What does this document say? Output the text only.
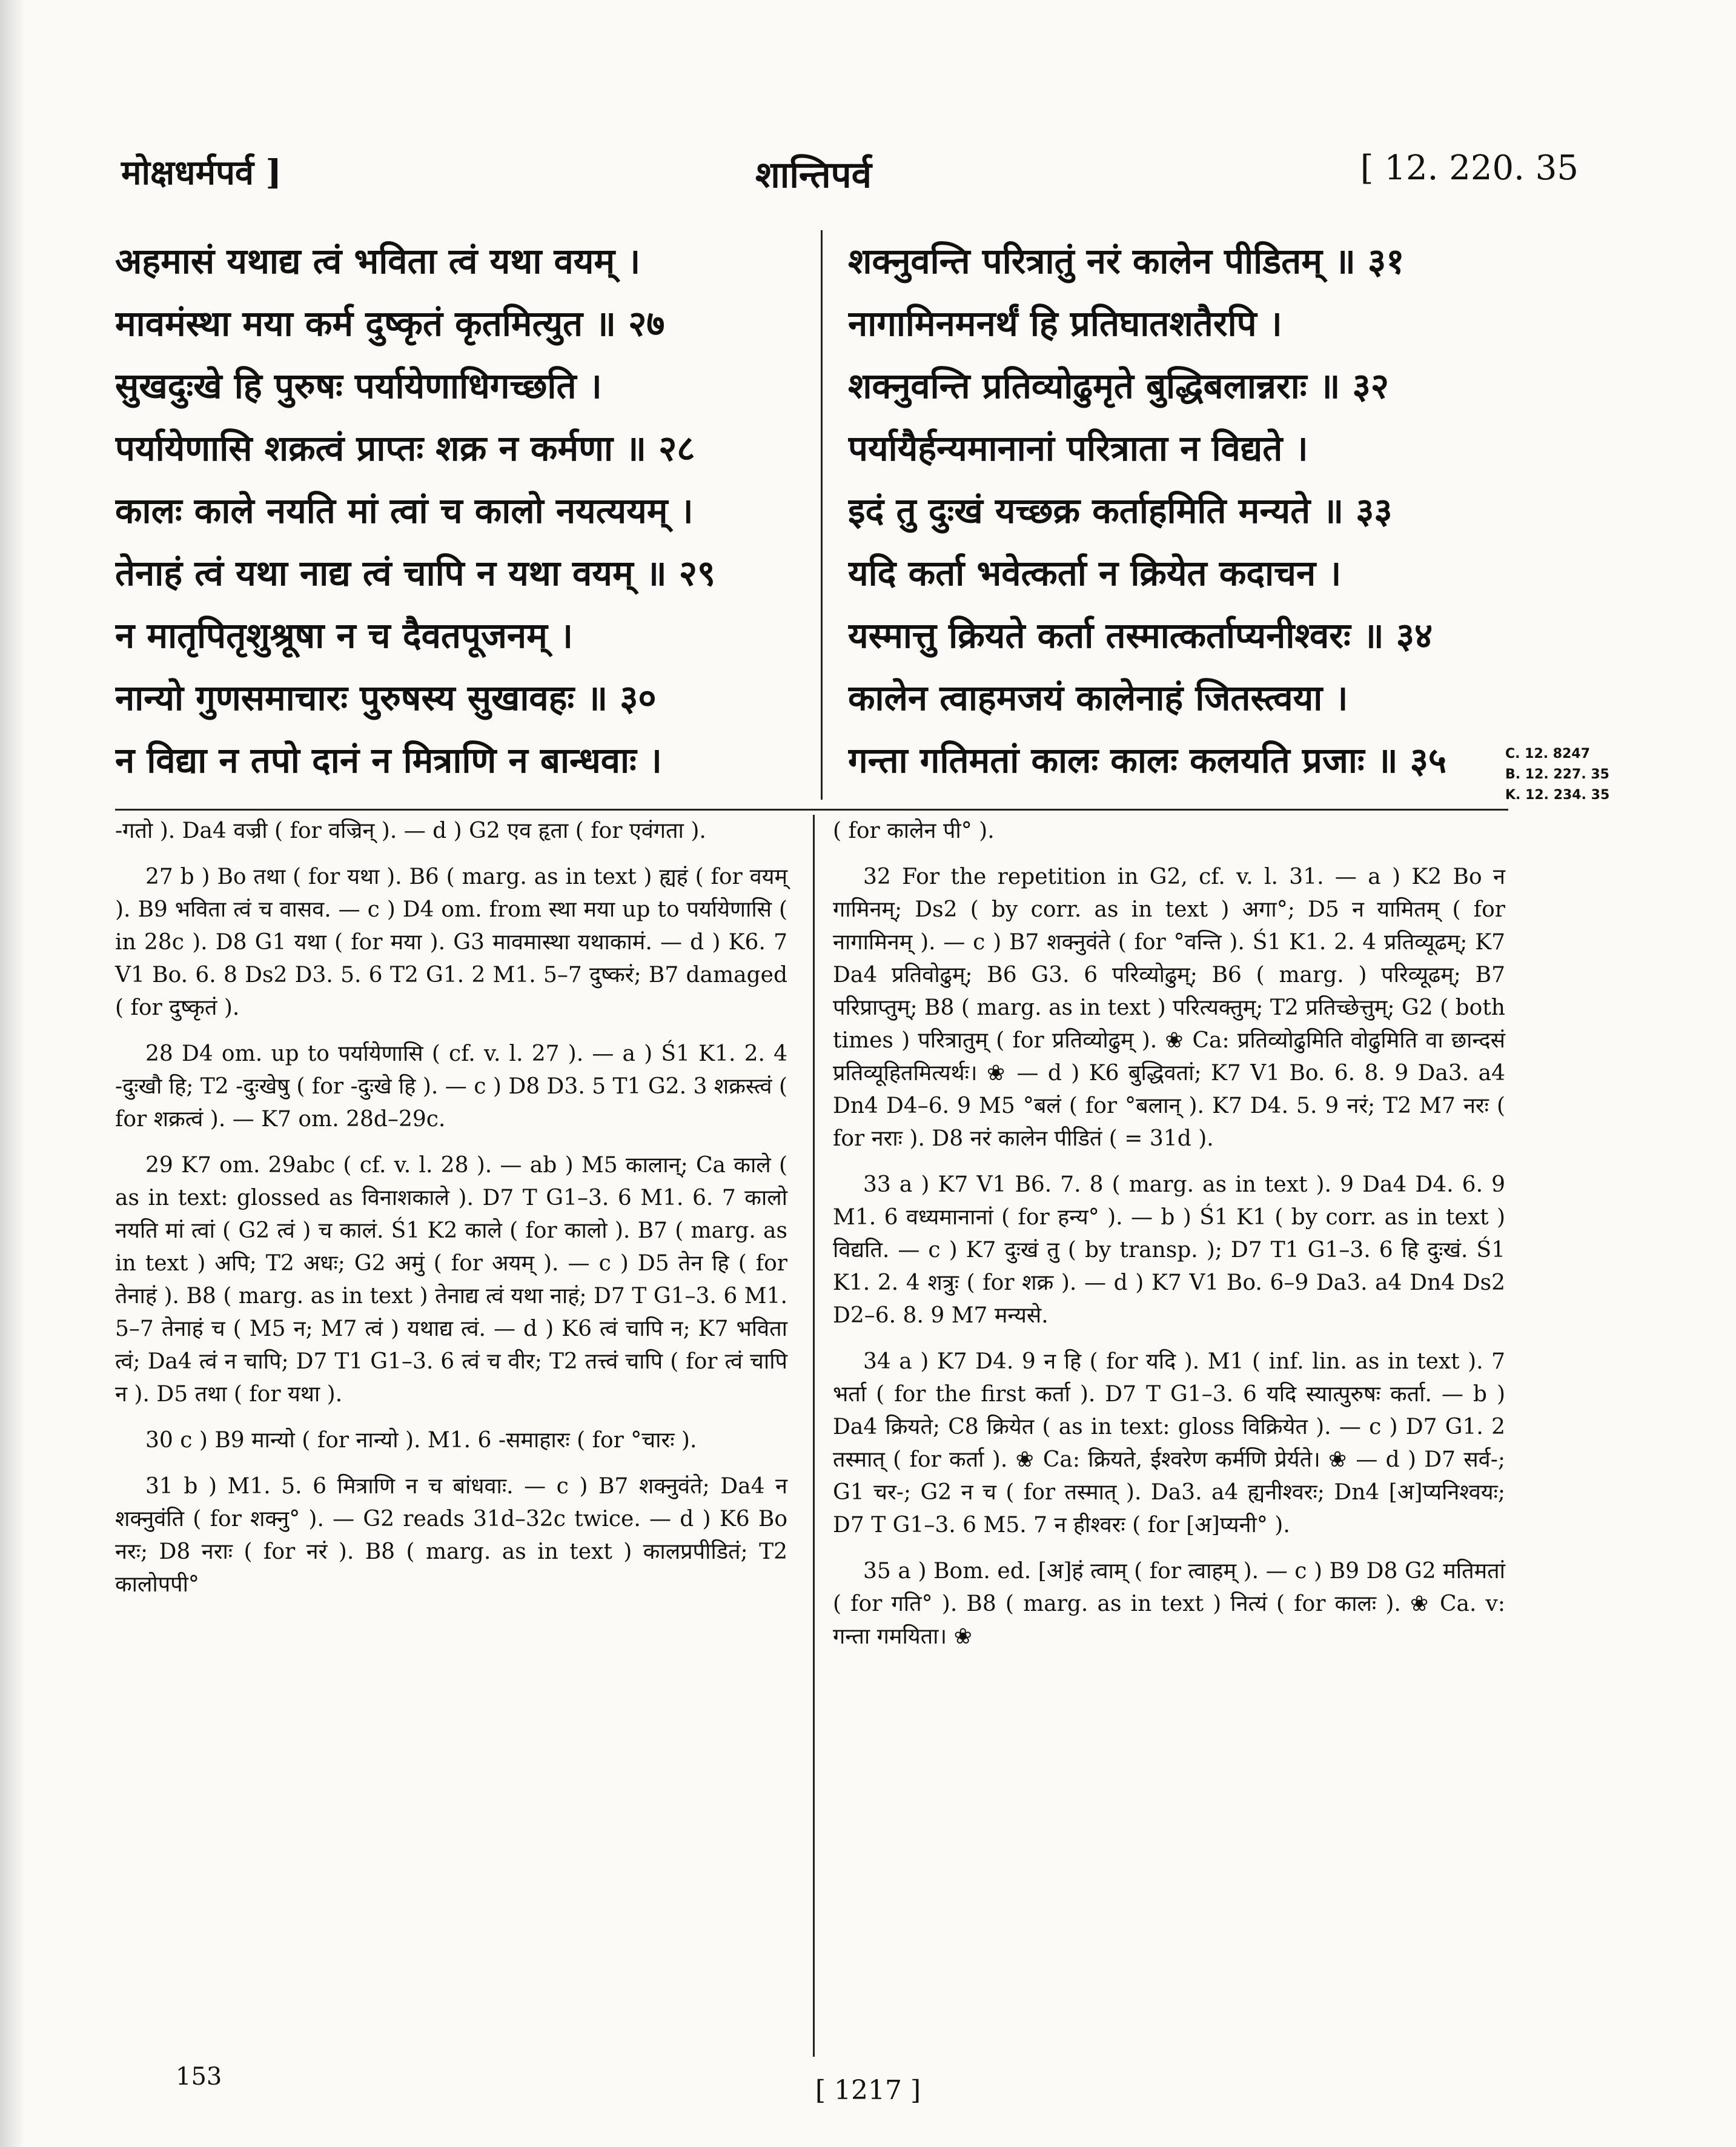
मोक्षधर्मपर्व ]	शान्तिपर्व	[ 12. 220. 35
अहमासं यथाद्य त्वं भविता त्वं यथा वयम् ।
मावमंस्था मया कर्म दुष्कृतं कृतमित्युत ॥ २७
सुखदुःखे हि पुरुषः पर्यायेणाधिगच्छति ।
पर्यायेणासि शक्रत्वं प्राप्तः शक्र न कर्मणा ॥ २८
कालः काले नयति मां त्वां च कालो नयत्ययम् ।
तेनाहं त्वं यथा नाद्य त्वं चापि न यथा वयम् ॥ २९
न मातृपितृशुश्रूषा न च दैवतपूजनम् ।
नान्यो गुणसमाचारः पुरुषस्य सुखावहः ॥ ३०
न विद्या न तपो दानं न मित्राणि न बान्धवाः ।
शक्नुवन्ति परित्रातुं नरं कालेन पीडितम् ॥ ३१
नागामिनमनर्थं हि प्रतिघातशतैरपि ।
शक्नुवन्ति प्रतिव्योढुमृते बुद्धिबलान्नराः ॥ ३२
पर्यायैर्हन्यमानानां परित्राता न विद्यते ।
इदं तु दुःखं यच्छक्र कर्ताहमिति मन्यते ॥ ३३
यदि कर्ता भवेत्कर्ता न क्रियेत कदाचन ।
यस्मात्तु क्रियते कर्ता तस्मात्कर्ताप्यनीश्वरः ॥ ३४
कालेन त्वाहमजयं कालेनाहं जितस्त्वया ।
गन्ता गतिमतां कालः कालः कलयति प्रजाः ॥ ३५	C. 12. 8247
B. 12. 227. 35
K. 12. 234. 35

-गतो ). Da4 वज्री ( for वज्रिन् ). — d ) G2 एव हृता ( for एवंगता ).

27 b ) Bo तथा ( for यथा ). B6 ( marg. as in text ) ह्यहं ( for वयम् ). B9 भविता त्वं च वासव. — c ) D4 om. from स्था मया up to पर्यायेणासि ( in 28c ). D8 G1 यथा ( for मया ). G3 मावमास्था यथाकामं. — d ) K6. 7 V1 Bo. 6. 8 Ds2 D3. 5. 6 T2 G1. 2 M1. 5–7 दुष्करं; B7 damaged ( for दुष्कृतं ).

28 D4 om. up to पर्यायेणासि ( cf. v. l. 27 ). — a ) Ś1 K1. 2. 4 -दुःखौ हि; T2 -दुःखेषु ( for -दुःखे हि ). — c ) D8 D3. 5 T1 G2. 3 शक्रस्त्वं ( for शक्रत्वं ). — K7 om. 28d–29c.

29 K7 om. 29abc ( cf. v. l. 28 ). — ab ) M5 कालान्; Ca काले ( as in text: glossed as विनाशकाले ). D7 T G1–3. 6 M1. 6. 7 कालो नयति मां त्वां ( G2 त्वं ) च कालं. Ś1 K2 काले ( for कालो ). B7 ( marg. as in text ) अपि; T2 अधः; G2 अमुं ( for अयम् ). — c ) D5 तेन हि ( for तेनाहं ). B8 ( marg. as in text ) तेनाद्य त्वं यथा नाहं; D7 T G1–3. 6 M1. 5–7 तेनाहं च ( M5 न; M7 त्वं ) यथाद्य त्वं. — d ) K6 त्वं चापि न; K7 भविता त्वं; Da4 त्वं न चापि; D7 T1 G1–3. 6 त्वं च वीर; T2 तत्त्वं चापि ( for त्वं चापि न ). D5 तथा ( for यथा ).

30 c ) B9 मान्यो ( for नान्यो ). M1. 6 -समाहारः ( for °चारः ).

31 b ) M1. 5. 6 मित्राणि न च बांधवाः. — c ) B7 शक्नुवंते; Da4 न शक्नुवंति ( for शक्नु° ). — G2 reads 31d–32c twice. — d ) K6 Bo नरः; D8 नराः ( for नरं ). B8 ( marg. as in text ) कालप्रपीडितं; T2 कालोपपी°

( for कालेन पी° ).

32 For the repetition in G2, cf. v. l. 31. — a ) K2 Bo न गामिनम्; Ds2 ( by corr. as in text ) अगा°; D5 न यामितम् ( for नागामिनम् ). — c ) B7 शक्नुवंते ( for °वन्ति ). Ś1 K1. 2. 4 प्रतिव्यूढम्; K7 Da4 प्रतिवोढुम्; B6 G3. 6 परिव्योढुम्; B6 ( marg. ) परिव्यूढम्; B7 परिप्राप्तुम्; B8 ( marg. as in text ) परित्यक्तुम्; T2 प्रतिच्छेत्तुम्; G2 ( both times ) परित्रातुम् ( for प्रतिव्योढुम् ). ❀ Ca: प्रतिव्योढुमिति वोढुमिति वा छान्दसं प्रतिव्यूहितमित्यर्थः। ❀ — d ) K6 बुद्धिवतां; K7 V1 Bo. 6. 8. 9 Da3. a4 Dn4 D4–6. 9 M5 °बलं ( for °बलान् ). K7 D4. 5. 9 नरं; T2 M7 नरः ( for नराः ). D8 नरं कालेन पीडितं ( = 31d ).

33 a ) K7 V1 B6. 7. 8 ( marg. as in text ). 9 Da4 D4. 6. 9 M1. 6 वध्यमानानां ( for हन्य° ). — b ) Ś1 K1 ( by corr. as in text ) विद्यति. — c ) K7 दुःखं तु ( by transp. ); D7 T1 G1–3. 6 हि दुःखं. Ś1 K1. 2. 4 शत्रुः ( for शक्र ). — d ) K7 V1 Bo. 6–9 Da3. a4 Dn4 Ds2 D2–6. 8. 9 M7 मन्यसे.

34 a ) K7 D4. 9 न हि ( for यदि ). M1 ( inf. lin. as in text ). 7 भर्ता ( for the first कर्ता ). D7 T G1–3. 6 यदि स्यात्पुरुषः कर्ता. — b ) Da4 क्रियते; C8 क्रियेत ( as in text: gloss विक्रियेत ). — c ) D7 G1. 2 तस्मात् ( for कर्ता ). ❀ Ca: क्रियते, ईश्वरेण कर्मणि प्रेर्यते। ❀ — d ) D7 सर्व-; G1 चर-; G2 न च ( for तस्मात् ). Da3. a4 ह्यनीश्वरः; Dn4 [अ]प्यनिश्वयः; D7 T G1–3. 6 M5. 7 न हीश्वरः ( for [अ]प्यनी° ).

35 a ) Bom. ed. [अ]हं त्वाम् ( for त्वाहम् ). — c ) B9 D8 G2 मतिमतां ( for गति° ). B8 ( marg. as in text ) नित्यं ( for कालः ). ❀ Ca. v: गन्ता गमयिता। ❀

153	[ 1217 ]
